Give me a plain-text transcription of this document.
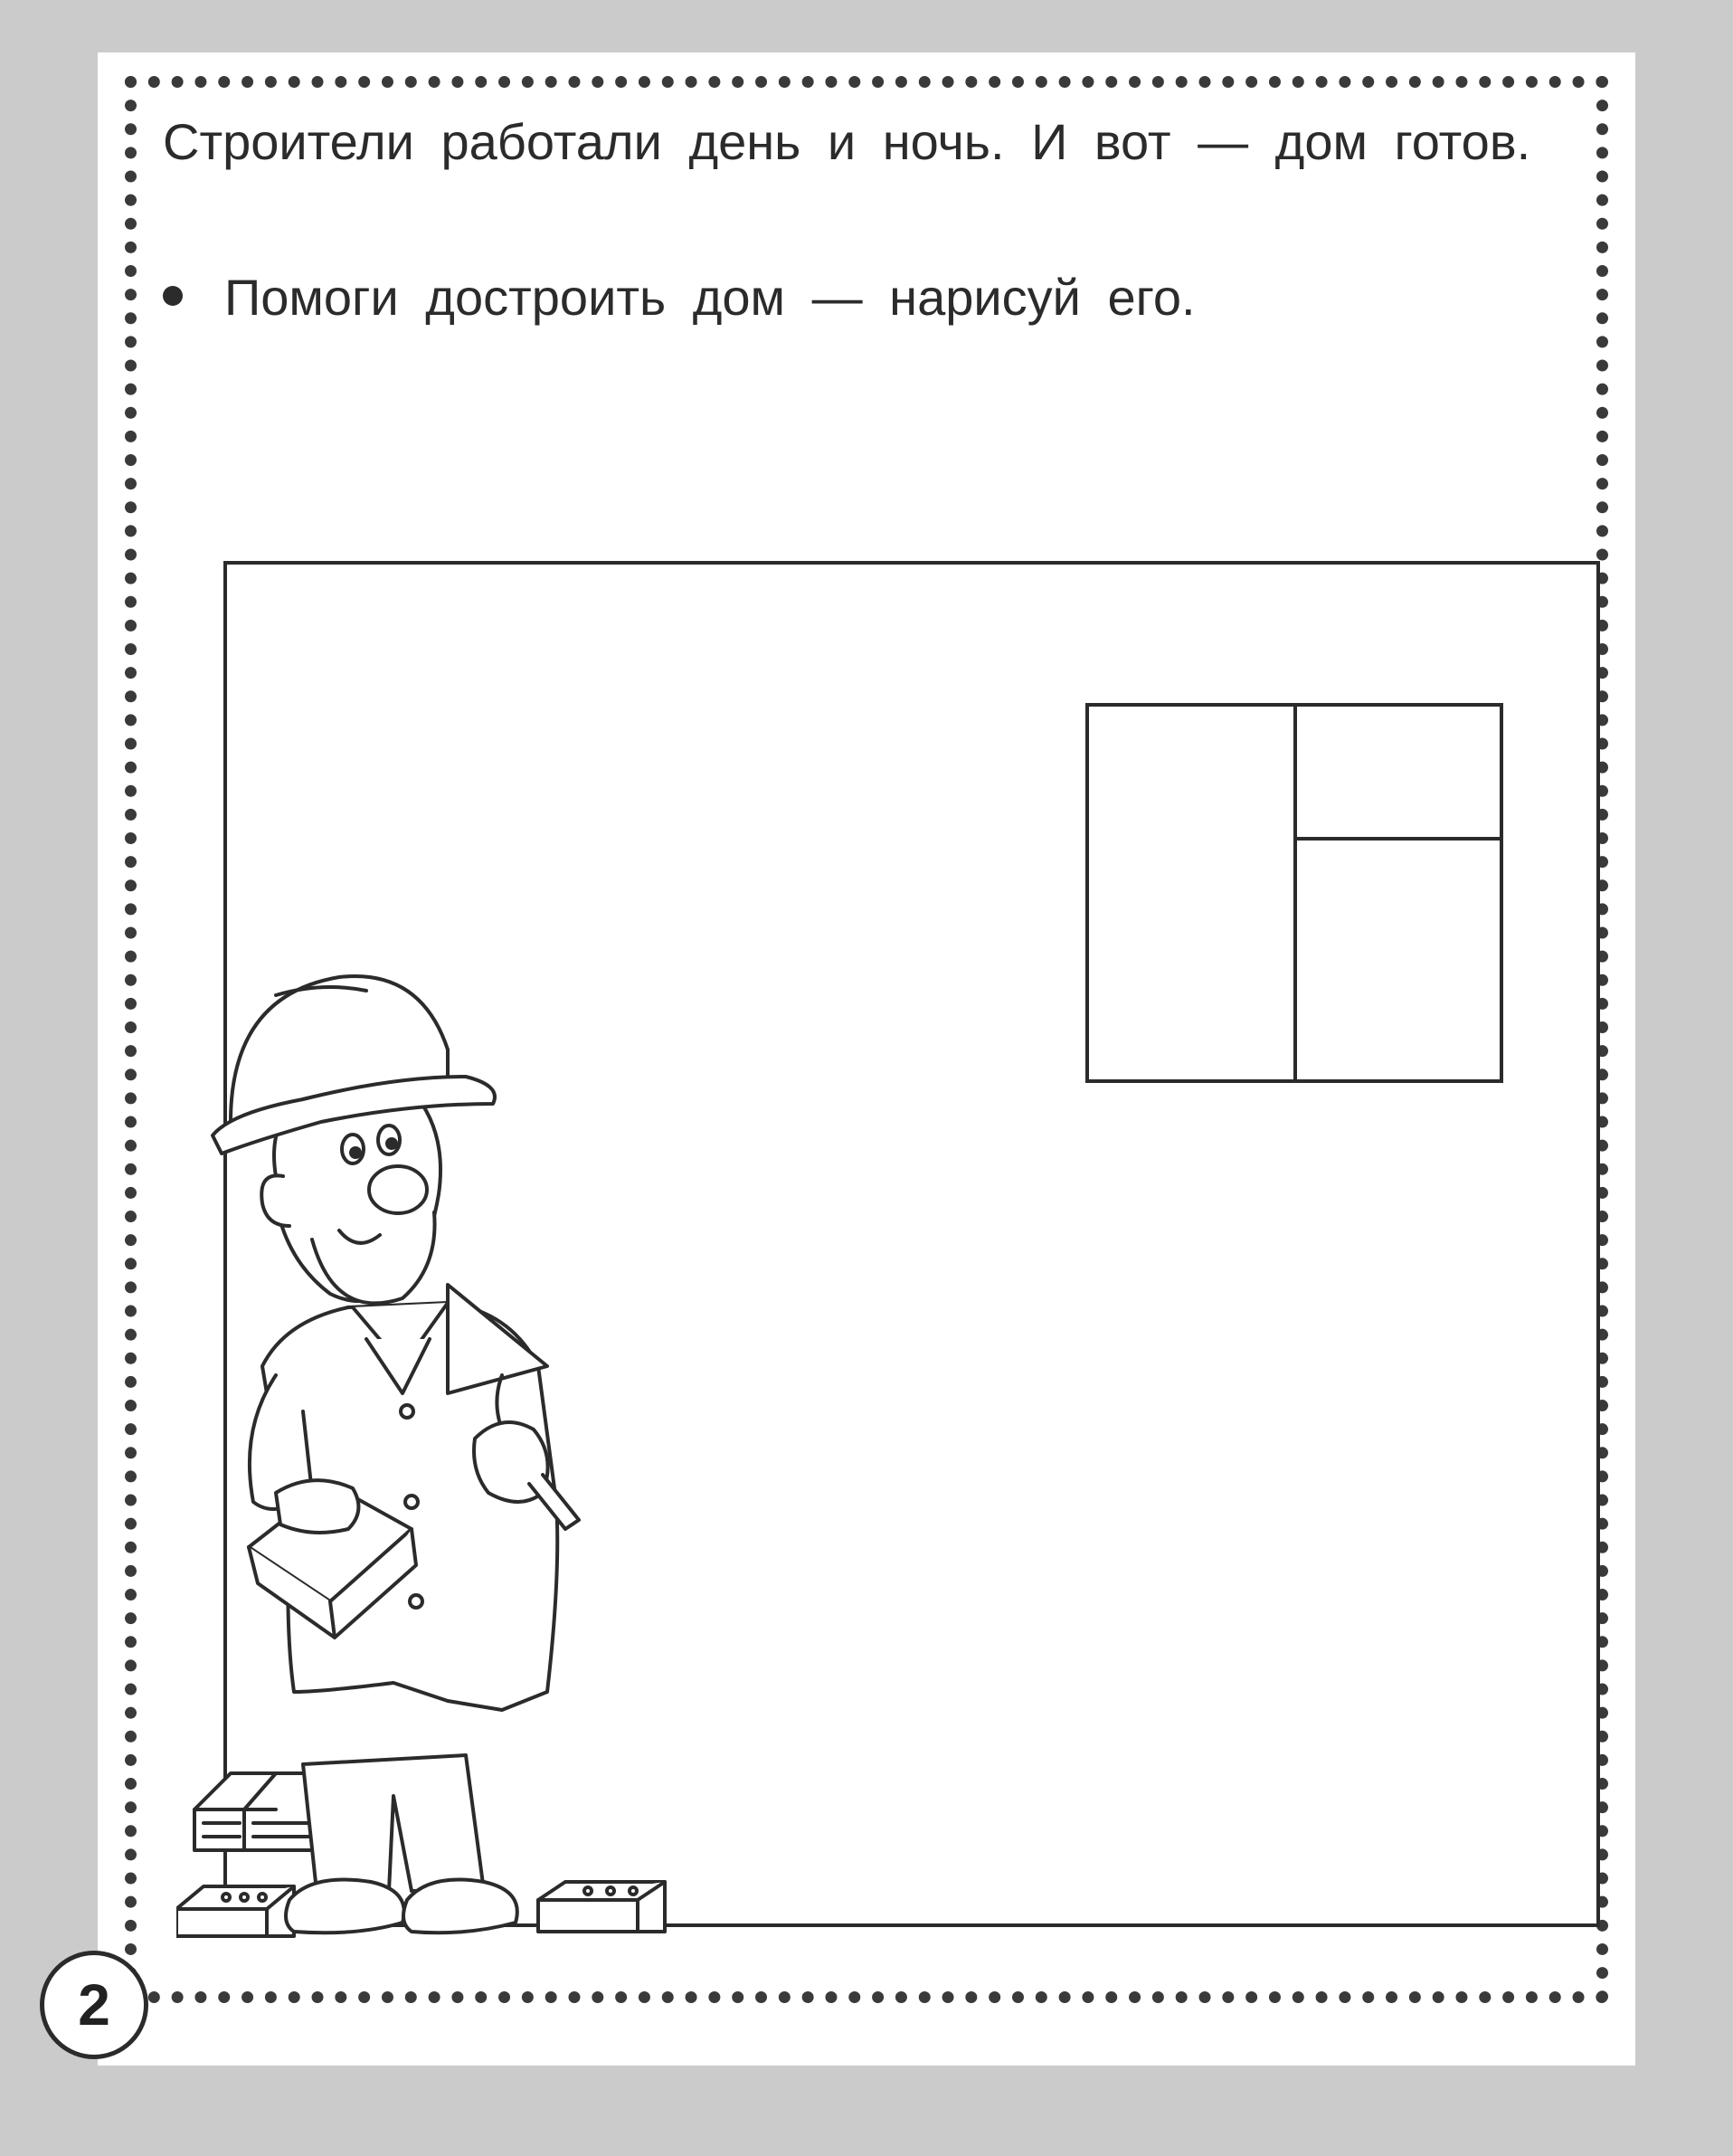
Строители работали день и ночь. И вот — дом готов.
Помоги достроить дом — нарисуй его.
2
